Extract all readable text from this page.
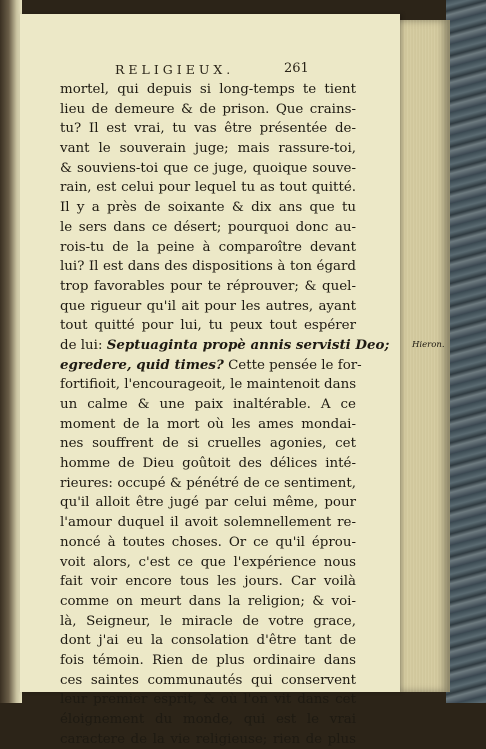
RELIGIEUX.	261
mortel, qui depuis si long-temps te tient
lieu de demeure & de prison. Que crains-
tu? Il est vrai, tu vas être présentée de-
vant le souverain juge; mais rassure-toi,
& souviens-toi que ce juge, quoique souve-
rain, est celui pour lequel tu as tout quitté.
Il y a près de soixante & dix ans que tu
le sers dans ce désert; pourquoi donc au-
rois-tu de la peine à comparoître devant
lui? Il est dans des dispositions à ton égard
trop favorables pour te réprouver; & quel-
que rigueur qu'il ait pour les autres, ayant
tout quitté pour lui, tu peux tout espérer
de lui: Septuaginta propè annis servisti Deo;	Hieron.
egredere, quid times? Cette pensée le for-
fortifioit, l'encourageoit, le maintenoit dans
un calme & une paix inaltérable. A ce
moment de la mort où les ames mondai-
nes souffrent de si cruelles agonies, cet
homme de Dieu goûtoit des délices inté-
rieures: occupé & pénétré de ce sentiment,
qu'il alloit être jugé par celui même, pour
l'amour duquel il avoit solemnellement re-
noncé à toutes choses. Or ce qu'il éprou-
voit alors, c'est ce que l'expérience nous
fait voir encore tous les jours. Car voilà
comme on meurt dans la religion; & voi-
là, Seigneur, le miracle de votre grace,
dont j'ai eu la consolation d'être tant de
fois témoin. Rien de plus ordinaire dans
ces saintes communautés qui conservent
leur premier esprit, & où l'on vit dans cet
éloignement du monde, qui est le vrai
caractere de la vie religieuse; rien de plus
